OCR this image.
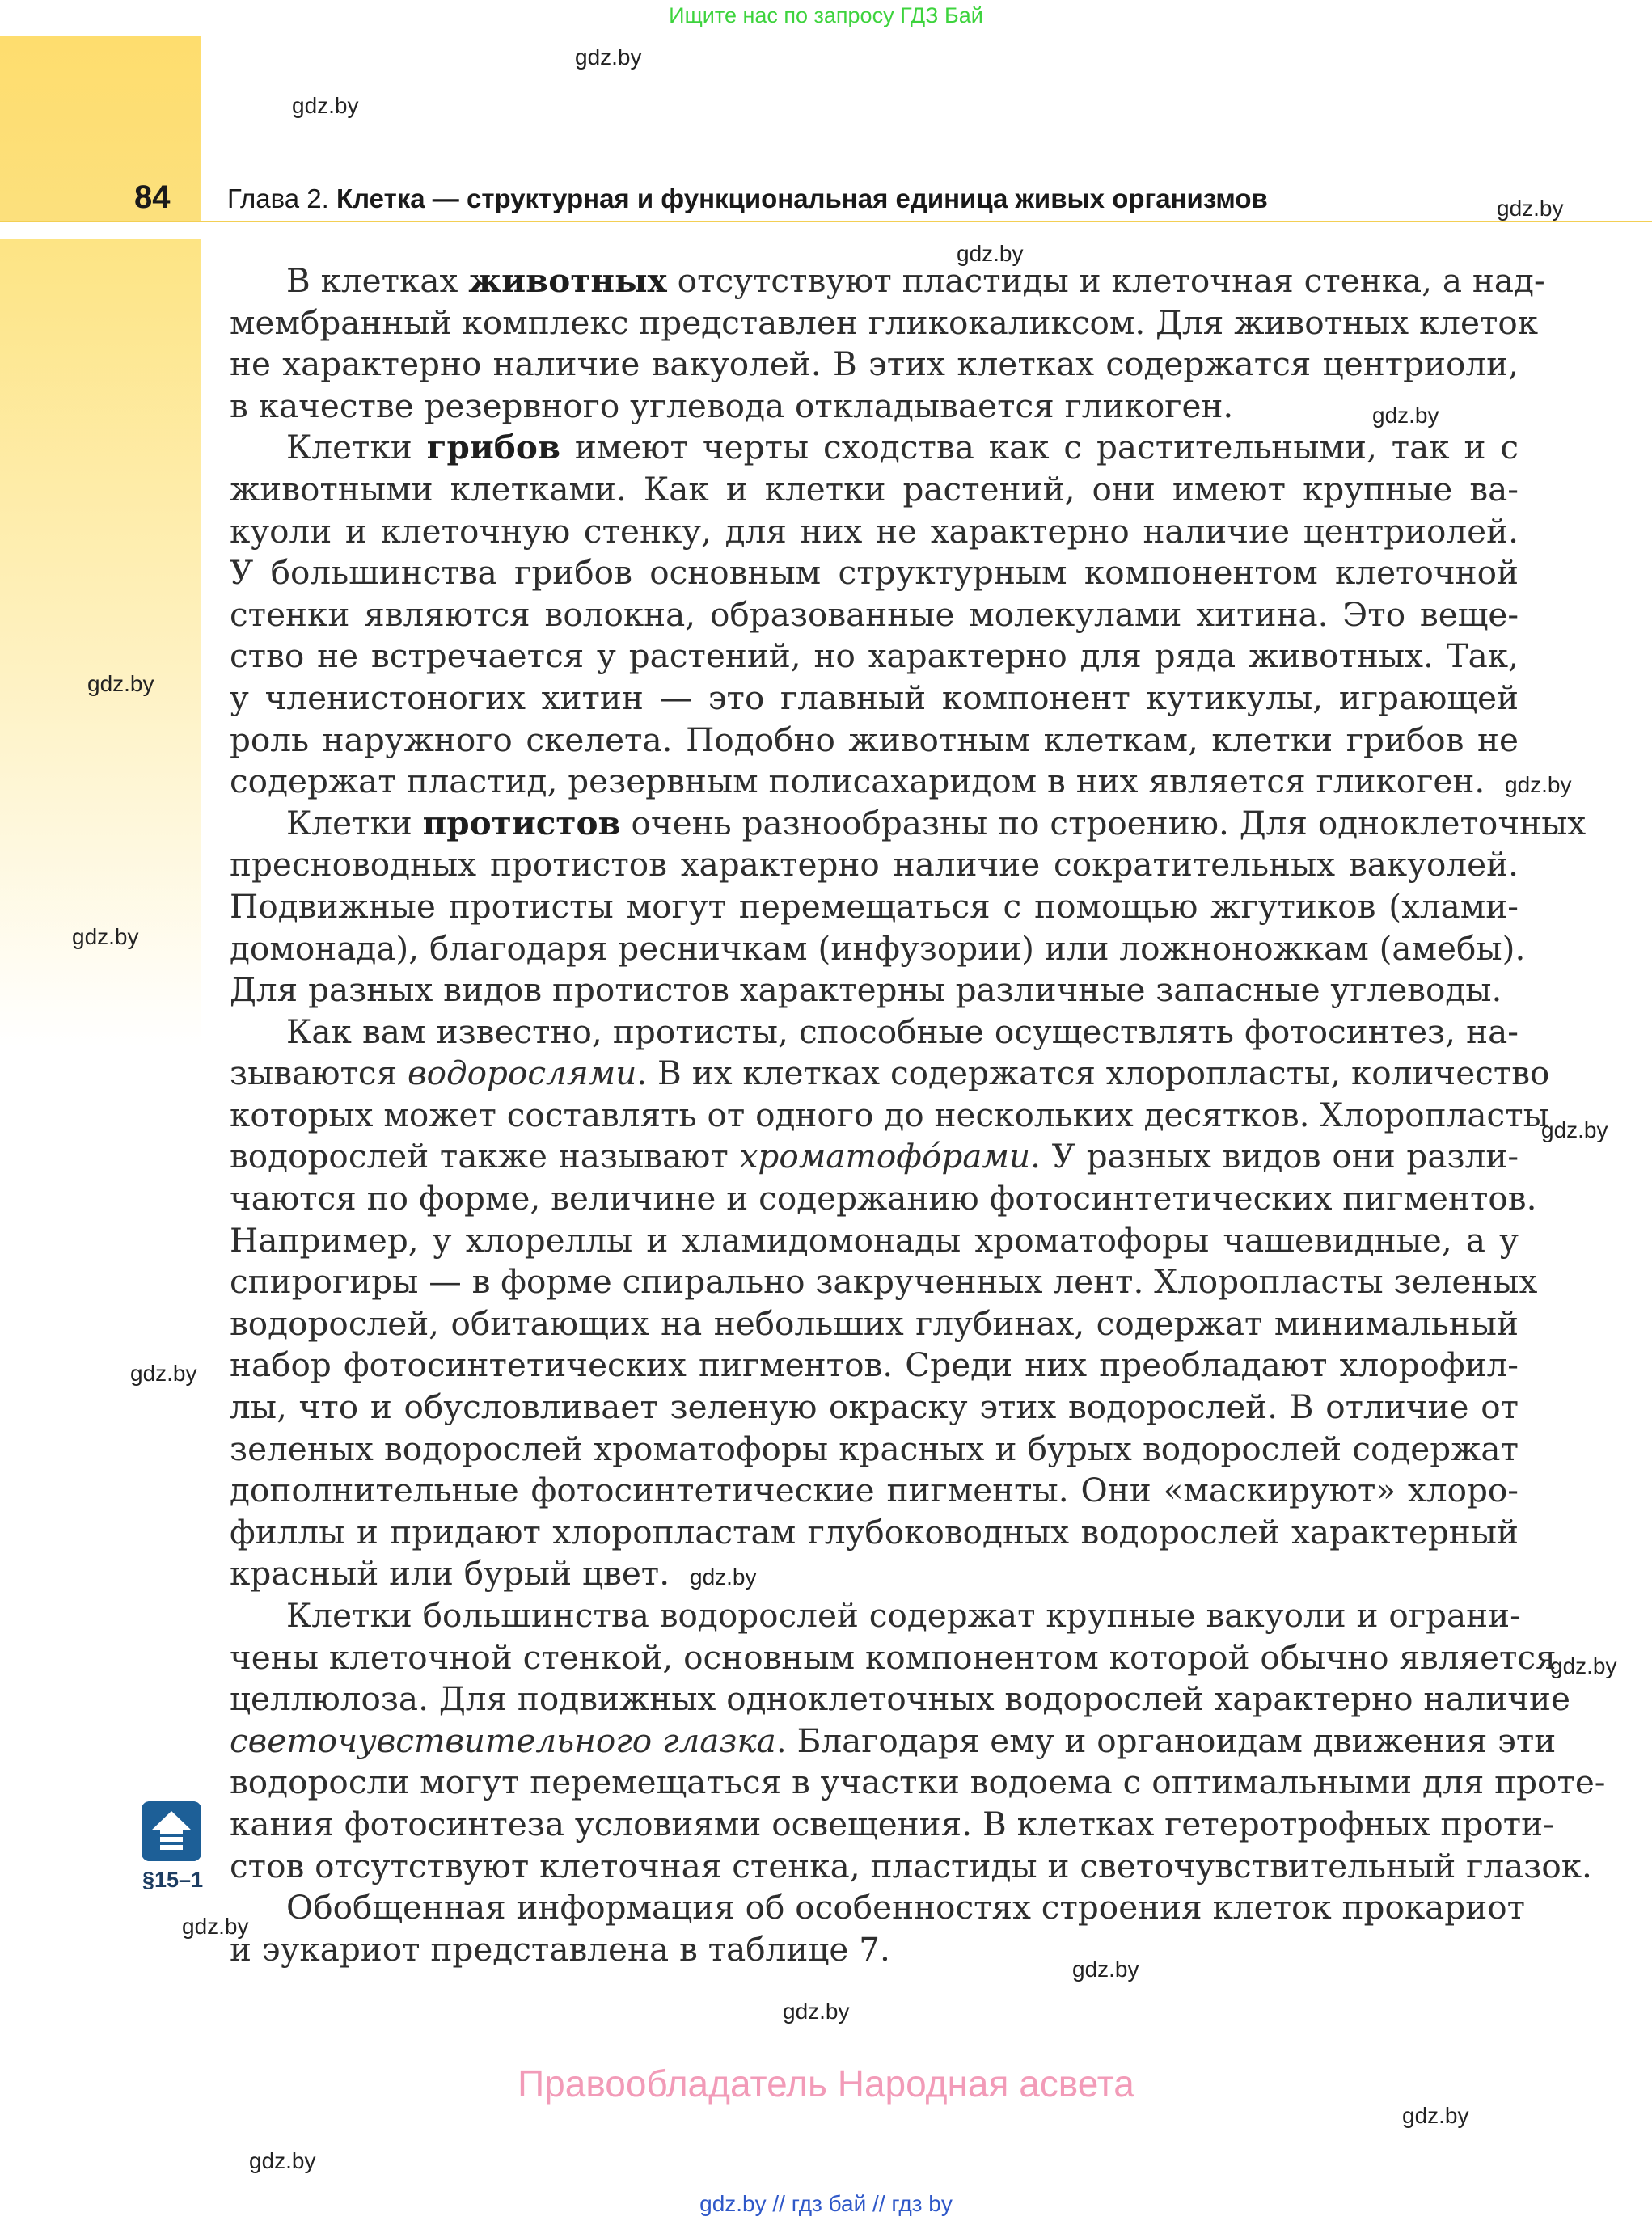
Ищите нас по запросу ГДЗ Бай
84 Глава 2. Клетка — структурная и функциональная единица живых организмов
gdz.by
gdz.by
gdz.by
gdz.by
gdz.by
gdz.by
gdz.by
gdz.by
gdz.by
gdz.by
gdz.by
gdz.by
gdz.by
gdz.by
gdz.by
gdz.by
gdz.by
В клетках животных отсутствуют пластиды и клеточная стенка, а над-
мембранный комплекс представлен гликокаликсом. Для животных клеток
не характерно наличие вакуолей. В этих клетках содержатся центриоли,
в качестве резервного углевода откладывается гликоген.
Клетки грибов имеют черты сходства как с растительными, так и с
животными клетками. Как и клетки растений, они имеют крупные ва-
куоли и клеточную стенку, для них не характерно наличие центриолей.
У большинства грибов основным структурным компонентом клеточной
стенки являются волокна, образованные молекулами хитина. Это веще-
ство не встречается у растений, но характерно для ряда животных. Так,
у членистоногих хитин — это главный компонент кутикулы, играющей
роль наружного скелета. Подобно животным клеткам, клетки грибов не
содержат пластид, резервным полисахаридом в них является гликоген.
Клетки протистов очень разнообразны по строению. Для одноклеточных
пресноводных протистов характерно наличие сократительных вакуолей.
Подвижные протисты могут перемещаться с помощью жгутиков (хлами-
домонада), благодаря ресничкам (инфузории) или ложноножкам (амебы).
Для разных видов протистов характерны различные запасные углеводы.
Как вам известно, протисты, способные осуществлять фотосинтез, на-
зываются водорослями. В их клетках содержатся хлоропласты, количество
которых может составлять от одного до нескольких десятков. Хлоропласты
водорослей также называют хроматофо́рами. У разных видов они разли-
чаются по форме, величине и содержанию фотосинтетических пигментов.
Например, у хлореллы и хламидомонады хроматофоры чашевидные, а у
спирогиры — в форме спирально закрученных лент. Хлоропласты зеленых
водорослей, обитающих на небольших глубинах, содержат минимальный
набор фотосинтетических пигментов. Среди них преобладают хлорофил-
лы, что и обусловливает зеленую окраску этих водорослей. В отличие от
зеленых водорослей хроматофоры красных и бурых водорослей содержат
дополнительные фотосинтетические пигменты. Они «маскируют» хлоро-
филлы и придают хлоропластам глубоководных водорослей характерный
красный или бурый цвет.
Клетки большинства водорослей содержат крупные вакуоли и ограни-
чены клеточной стенкой, основным компонентом которой обычно является
целлюлоза. Для подвижных одноклеточных водорослей характерно наличие
светочувствительного глазка. Благодаря ему и органоидам движения эти
водоросли могут перемещаться в участки водоема с оптимальными для проте-
кания фотосинтеза условиями освещения. В клетках гетеротрофных проти-
стов отсутствуют клеточная стенка, пластиды и светочувствительный глазок.
Обобщенная информация об особенностях строения клеток прокариот
и эукариот представлена в таблице 7.
§15–1
Правообладатель Народная асвета
gdz.by // гдз бай // гдз by
